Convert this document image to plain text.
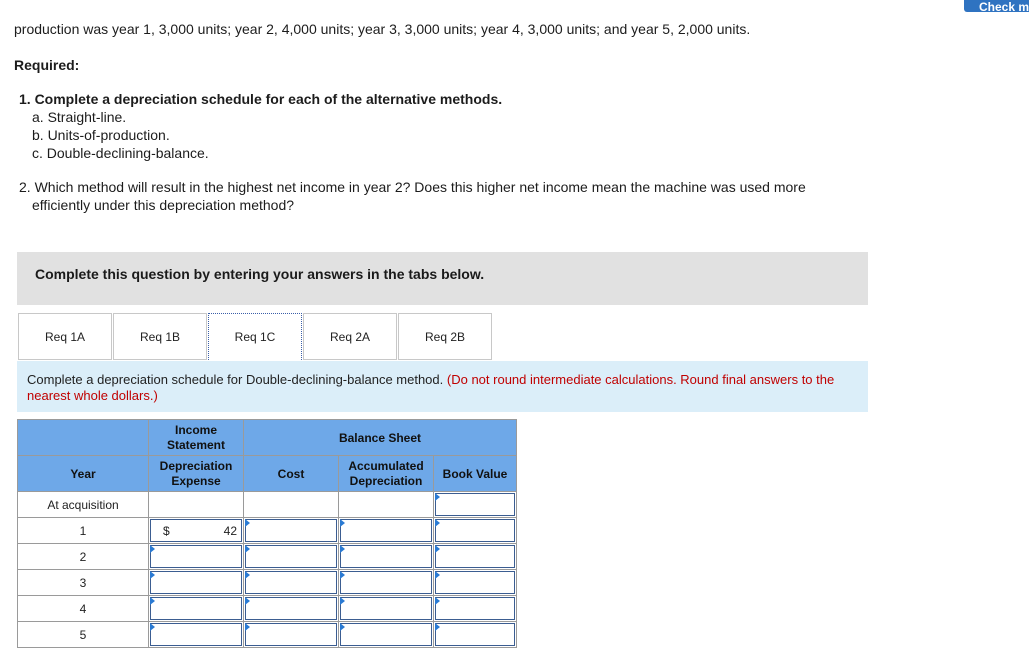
Check m
production was year 1, 3,000 units; year 2, 4,000 units; year 3, 3,000 units; year 4, 3,000 units; and year 5, 2,000 units.
Required:
1. Complete a depreciation schedule for each of the alternative methods.
a. Straight-line.
b. Units-of-production.
c. Double-declining-balance.
2. Which method will result in the highest net income in year 2? Does this higher net income mean the machine was used more
efficiently under this depreciation method?
Complete this question by entering your answers in the tabs below.
Req 1A	Req 1B	Req 1C	Req 2A	Req 2B
Complete a depreciation schedule for Double-declining-balance method. (Do not round intermediate calculations. Round final answers to the nearest whole dollars.)
	Income Statement	Balance Sheet		
Year	Depreciation Expense	Cost	Accumulated Depreciation	Book Value
At acquisition				

1	$ 42			

2	

3	

4	

5	
